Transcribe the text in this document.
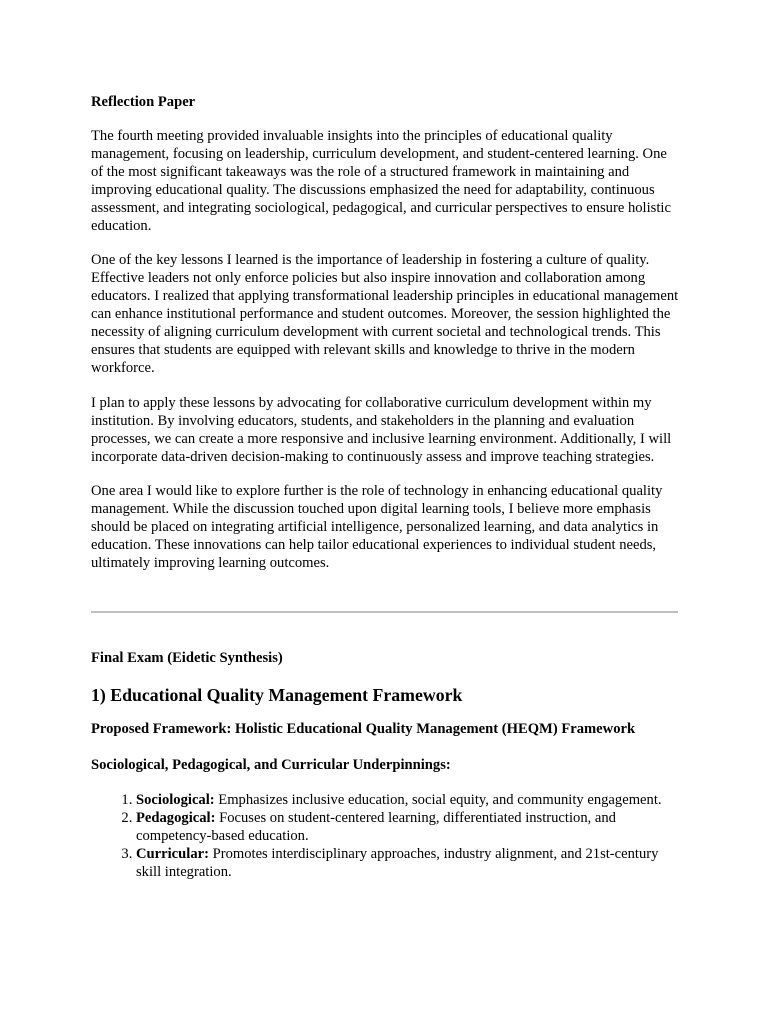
Reflection Paper

The fourth meeting provided invaluable insights into the principles of educational quality management, focusing on leadership, curriculum development, and student-centered learning. One of the most significant takeaways was the role of a structured framework in maintaining and improving educational quality. The discussions emphasized the need for adaptability, continuous assessment, and integrating sociological, pedagogical, and curricular perspectives to ensure holistic education.

One of the key lessons I learned is the importance of leadership in fostering a culture of quality. Effective leaders not only enforce policies but also inspire innovation and collaboration among educators. I realized that applying transformational leadership principles in educational management can enhance institutional performance and student outcomes. Moreover, the session highlighted the necessity of aligning curriculum development with current societal and technological trends. This ensures that students are equipped with relevant skills and knowledge to thrive in the modern workforce.

I plan to apply these lessons by advocating for collaborative curriculum development within my institution. By involving educators, students, and stakeholders in the planning and evaluation processes, we can create a more responsive and inclusive learning environment. Additionally, I will incorporate data-driven decision-making to continuously assess and improve teaching strategies.

One area I would like to explore further is the role of technology in enhancing educational quality management. While the discussion touched upon digital learning tools, I believe more emphasis should be placed on integrating artificial intelligence, personalized learning, and data analytics in education. These innovations can help tailor educational experiences to individual student needs, ultimately improving learning outcomes.

Final Exam (Eidetic Synthesis)
1) Educational Quality Management Framework
Proposed Framework: Holistic Educational Quality Management (HEQM) Framework
Sociological, Pedagogical, and Curricular Underpinnings:
1. Sociological: Emphasizes inclusive education, social equity, and community engagement.
2. Pedagogical: Focuses on student-centered learning, differentiated instruction, and competency-based education.
3. Curricular: Promotes interdisciplinary approaches, industry alignment, and 21st-century skill integration.
